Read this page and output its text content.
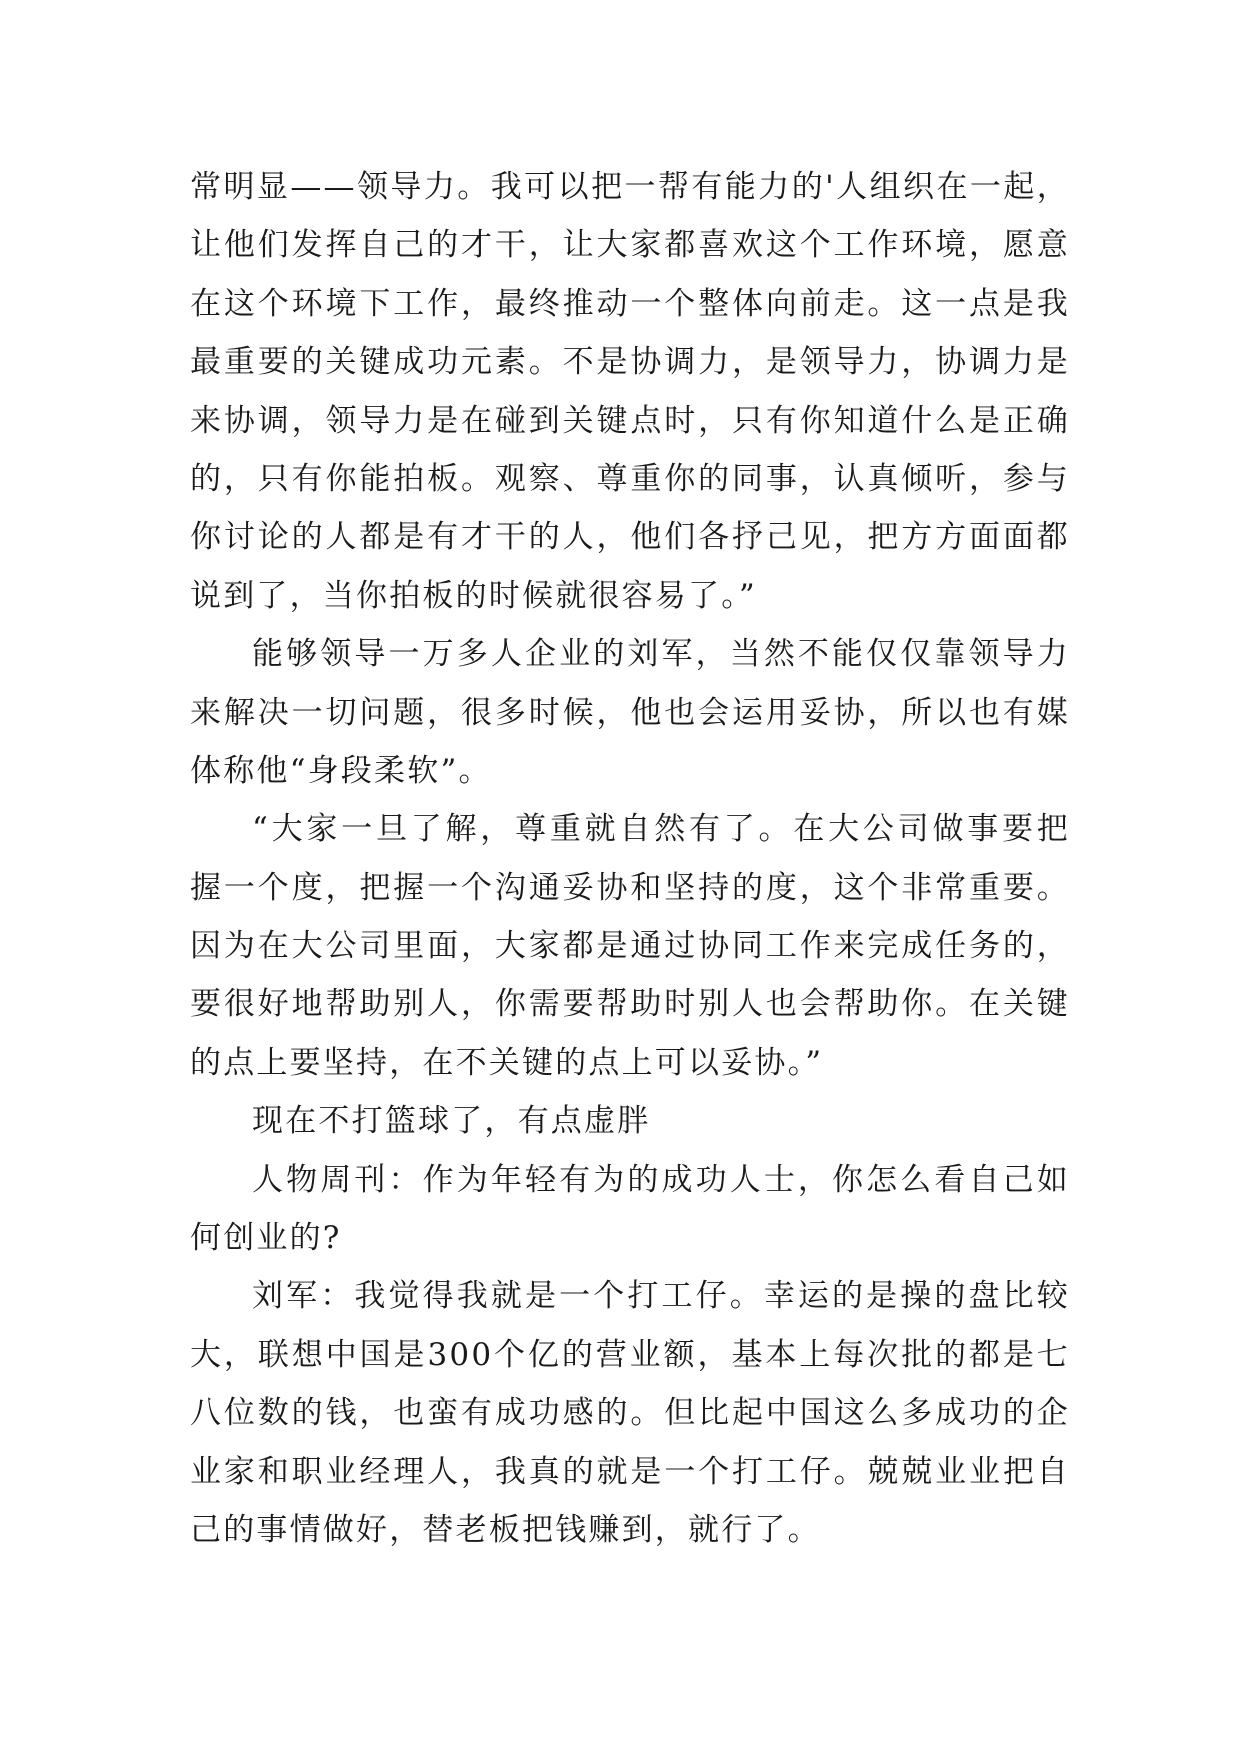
常明显——领导力。我可以把一帮有能力的'人组织在一起，
让他们发挥自己的才干，让大家都喜欢这个工作环境，愿意
在这个环境下工作，最终推动一个整体向前走。这一点是我
最重要的关键成功元素。不是协调力，是领导力，协调力是
来协调，领导力是在碰到关键点时，只有你知道什么是正确
的，只有你能拍板。观察、尊重你的同事，认真倾听，参与
你讨论的人都是有才干的人，他们各抒己见，把方方面面都
说到了，当你拍板的时候就很容易了。”
能够领导一万多人企业的刘军，当然不能仅仅靠领导力
来解决一切问题，很多时候，他也会运用妥协，所以也有媒
体称他“身段柔软”。
“大家一旦了解，尊重就自然有了。在大公司做事要把
握一个度，把握一个沟通妥协和坚持的度，这个非常重要。
因为在大公司里面，大家都是通过协同工作来完成任务的，
要很好地帮助别人，你需要帮助时别人也会帮助你。在关键
的点上要坚持，在不关键的点上可以妥协。”
现在不打篮球了，有点虚胖
人物周刊：作为年轻有为的成功人士，你怎么看自己如
何创业的?
刘军：我觉得我就是一个打工仔。幸运的是操的盘比较
大，联想中国是300个亿的营业额，基本上每次批的都是七
八位数的钱，也蛮有成功感的。但比起中国这么多成功的企
业家和职业经理人，我真的就是一个打工仔。兢兢业业把自
己的事情做好，替老板把钱赚到，就行了。
